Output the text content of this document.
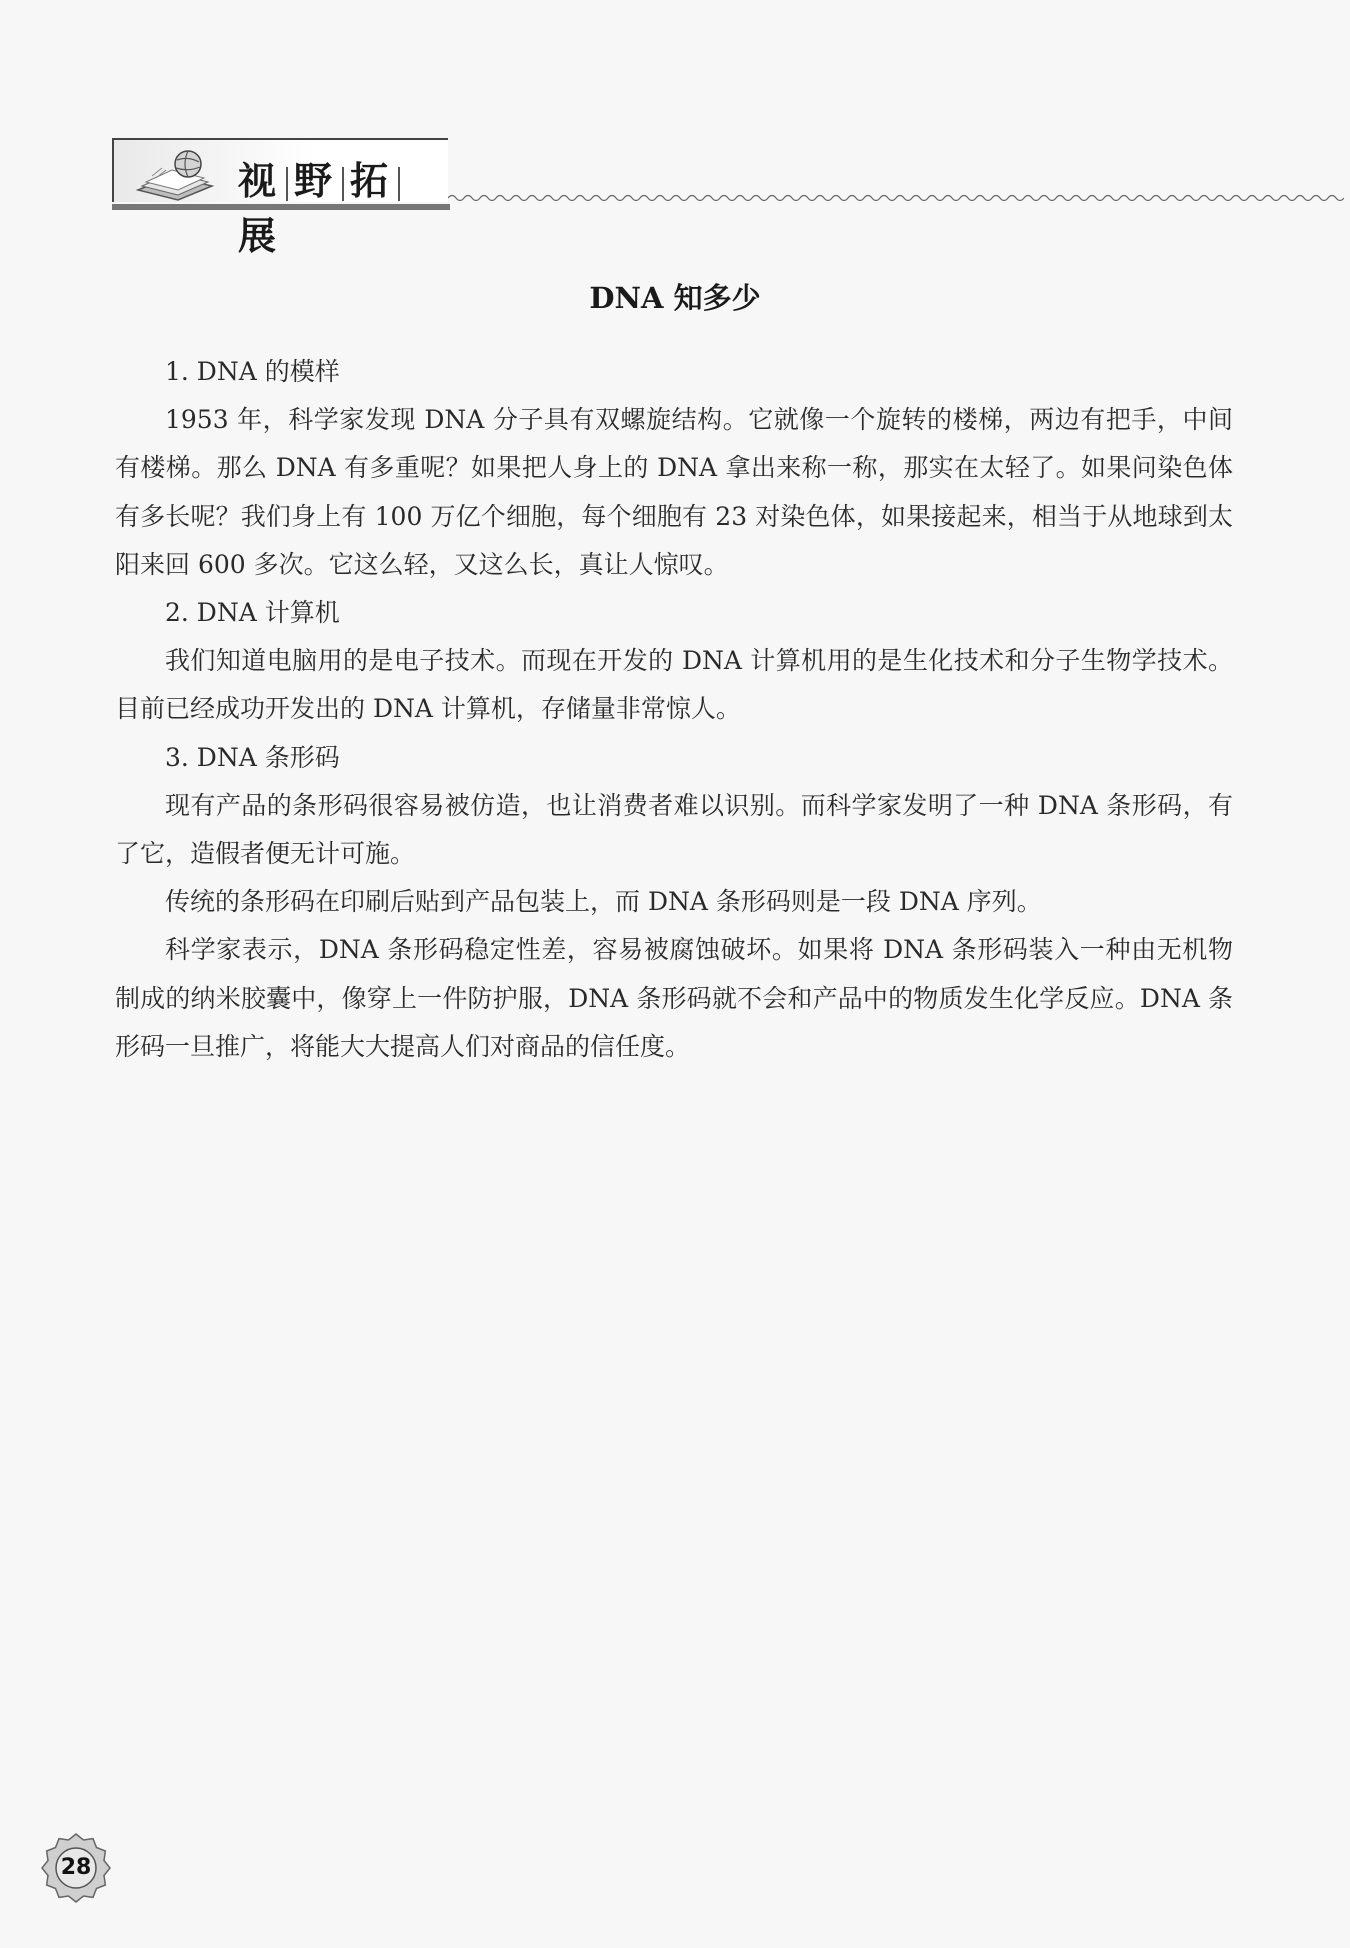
视 野 拓展
DNA 知多少

1. DNA 的模样

1953 年，科学家发现 DNA 分子具有双螺旋结构。它就像一个旋转的楼梯，两边有把手，中间有楼梯。那么 DNA 有多重呢？如果把人身上的 DNA 拿出来称一称，那实在太轻了。如果问染色体有多长呢？我们身上有 100 万亿个细胞，每个细胞有 23 对染色体，如果接起来，相当于从地球到太阳来回 600 多次。它这么轻，又这么长，真让人惊叹。

2. DNA 计算机

我们知道电脑用的是电子技术。而现在开发的 DNA 计算机用的是生化技术和分子生物学技术。目前已经成功开发出的 DNA 计算机，存储量非常惊人。

3. DNA 条形码

现有产品的条形码很容易被仿造，也让消费者难以识别。而科学家发明了一种 DNA 条形码，有了它，造假者便无计可施。

传统的条形码在印刷后贴到产品包装上，而 DNA 条形码则是一段 DNA 序列。

科学家表示，DNA 条形码稳定性差，容易被腐蚀破坏。如果将 DNA 条形码装入一种由无机物制成的纳米胶囊中，像穿上一件防护服，DNA 条形码就不会和产品中的物质发生化学反应。DNA 条形码一旦推广，将能大大提高人们对商品的信任度。

28
